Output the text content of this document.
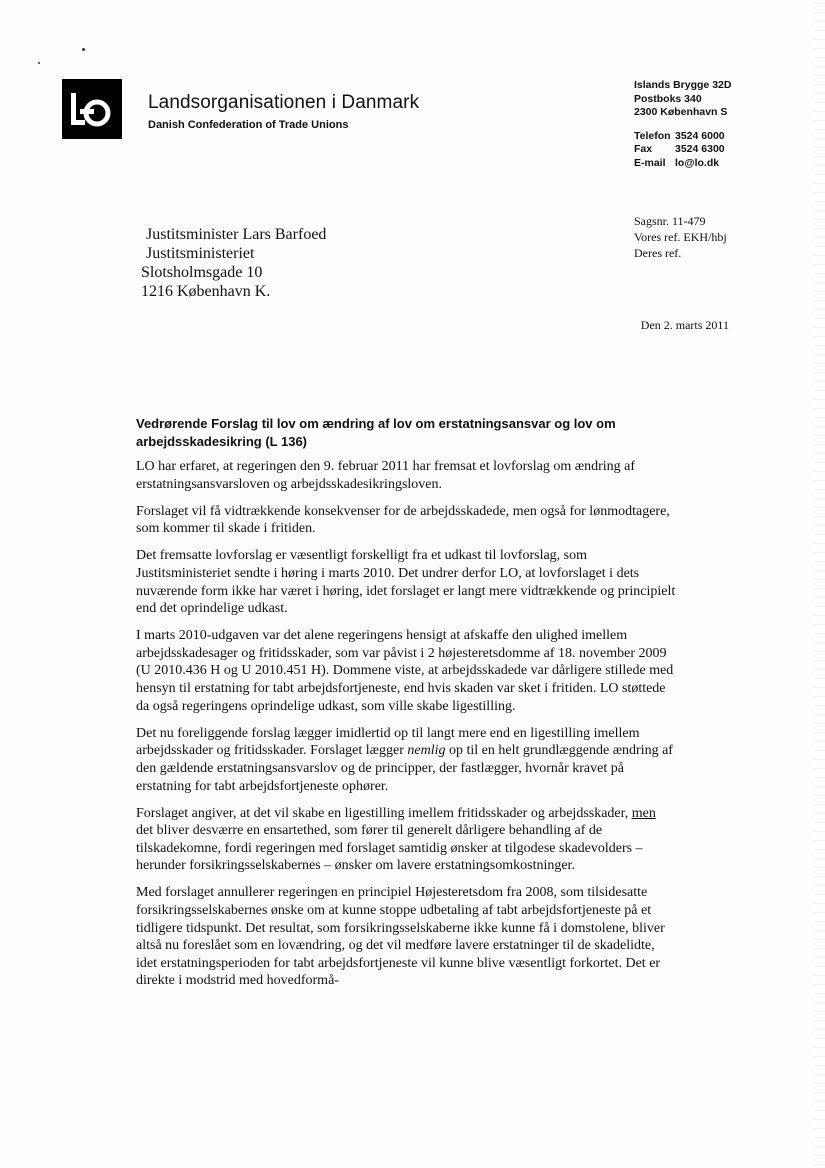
Landsorganisationen i Danmark
Danish Confederation of Trade Unions
Islands Brygge 32D
Postboks 340
2300 København S
Telefon 3524 6000
Fax	3524 6300
E-mail lo@lo.dk
Justitsminister Lars Barfoed
Justitsministeriet
Slotsholmsgade 10
1216 København K.
Sagsnr. 11-479
Vores ref. EKH/hbj
Deres ref.
Den 2. marts 2011
Vedrørende Forslag til lov om ændring af lov om erstatningsansvar og lov om arbejdsskadesikring (L 136)

LO har erfaret, at regeringen den 9. februar 2011 har fremsat et lovforslag om ændring af erstatningsansvarsloven og arbejdsskadesikringsloven.

Forslaget vil få vidtrækkende konsekvenser for de arbejdsskadede, men også for lønmodtagere, som kommer til skade i fritiden.

Det fremsatte lovforslag er væsentligt forskelligt fra et udkast til lovforslag, som Justitsministeriet sendte i høring i marts 2010. Det undrer derfor LO, at lovforslaget i dets nuværende form ikke har været i høring, idet forslaget er langt mere vidtrækkende og principielt end det oprindelige udkast.

I marts 2010-udgaven var det alene regeringens hensigt at afskaffe den ulighed imellem arbejdsskadesager og fritidsskader, som var påvist i 2 højesteretsdomme af 18. november 2009 (U 2010.436 H og U 2010.451 H). Dommene viste, at arbejdsskadede var dårligere stillede med hensyn til erstatning for tabt arbejdsfortjeneste, end hvis skaden var sket i fritiden. LO støttede da også regeringens oprindelige udkast, som ville skabe ligestilling.

Det nu foreliggende forslag lægger imidlertid op til langt mere end en ligestilling imellem arbejdsskader og fritidsskader. Forslaget lægger nemlig op til en helt grundlæggende ændring af den gældende erstatningsansvarslov og de principper, der fastlægger, hvornår kravet på erstatning for tabt arbejdsfortjeneste ophører.

Forslaget angiver, at det vil skabe en ligestilling imellem fritidsskader og arbejdsskader, men det bliver desværre en ensartethed, som fører til generelt dårligere behandling af de tilskadekomne, fordi regeringen med forslaget samtidig ønsker at tilgodese skadevolders – herunder forsikringsselskabernes – ønsker om lavere erstatningsomkostninger.

Med forslaget annullerer regeringen en principiel Højesteretsdom fra 2008, som tilsidesatte forsikringsselskabernes ønske om at kunne stoppe udbetaling af tabt arbejdsfortjeneste på et tidligere tidspunkt. Det resultat, som forsikringsselskaberne ikke kunne få i domstolene, bliver altså nu foreslået som en lovændring, og det vil medføre lavere erstatninger til de skadelidte, idet erstatningsperioden for tabt arbejdsfortjeneste vil kunne blive væsentligt forkortet. Det er direkte i modstrid med hovedformå-
